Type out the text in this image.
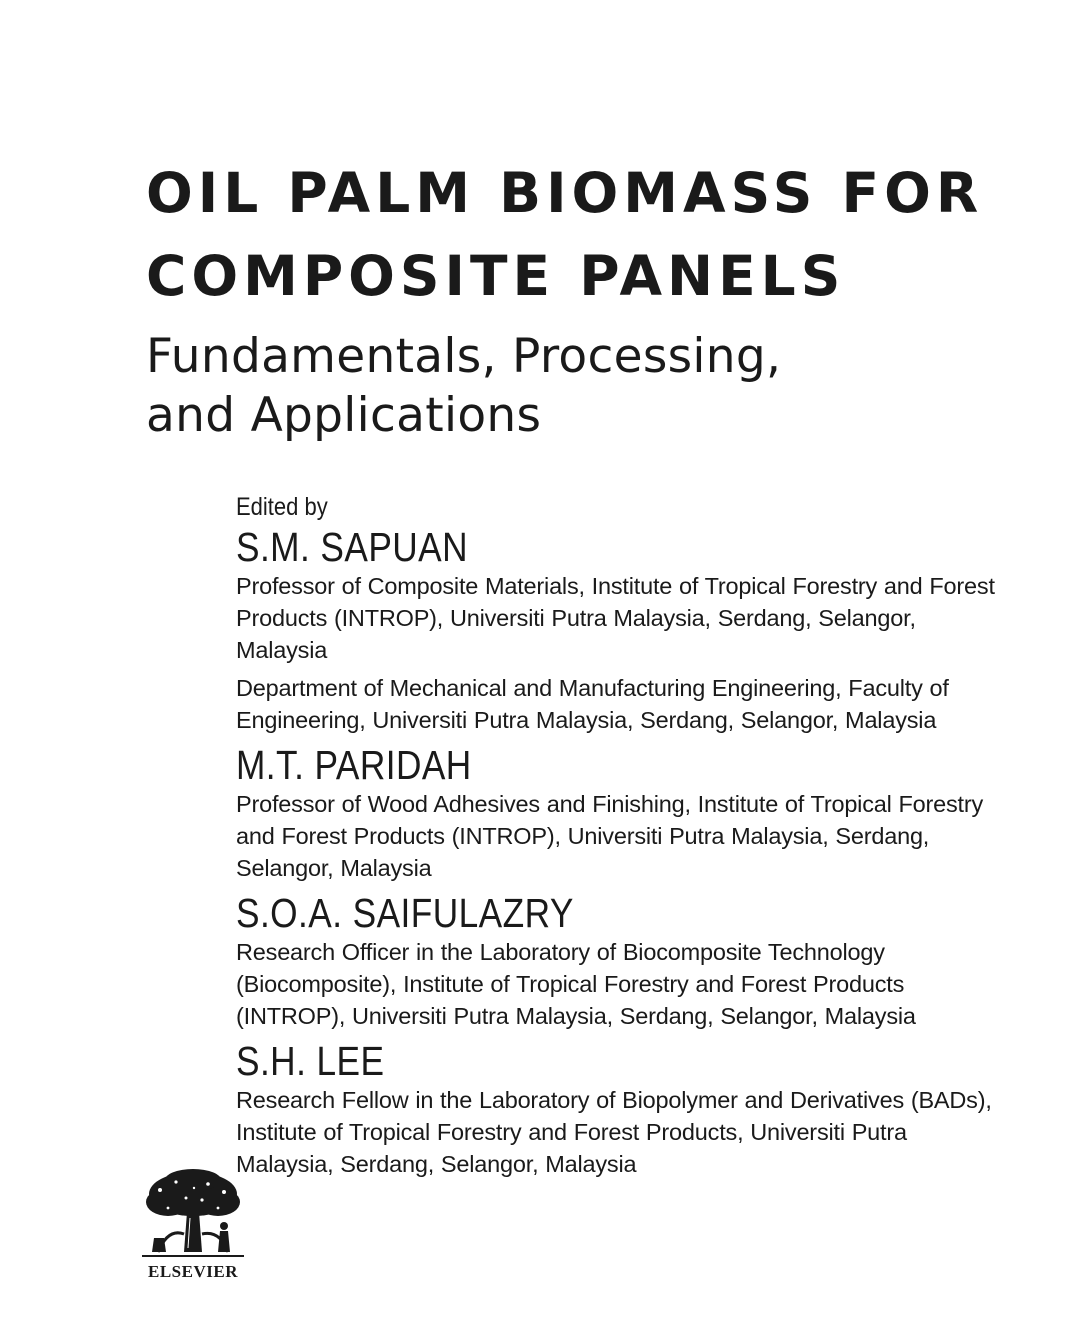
OIL PALM BIOMASS FOR
COMPOSITE PANELS
Fundamentals, Processing,
and Applications

Edited by

S.M. SAPUAN

Professor of Composite Materials, Institute of Tropical Forestry and Forest Products (INTROP), Universiti Putra Malaysia, Serdang, Selangor, Malaysia

Department of Mechanical and Manufacturing Engineering, Faculty of Engineering, Universiti Putra Malaysia, Serdang, Selangor, Malaysia

M.T. PARIDAH

Professor of Wood Adhesives and Finishing, Institute of Tropical Forestry and Forest Products (INTROP), Universiti Putra Malaysia, Serdang, Selangor, Malaysia

S.O.A. SAIFULAZRY

Research Officer in the Laboratory of Biocomposite Technology (Biocomposite), Institute of Tropical Forestry and Forest Products (INTROP), Universiti Putra Malaysia, Serdang, Selangor, Malaysia

S.H. LEE

Research Fellow in the Laboratory of Biopolymer and Derivatives (BADs), Institute of Tropical Forestry and Forest Products, Universiti Putra Malaysia, Serdang, Selangor, Malaysia

ELSEVIER
